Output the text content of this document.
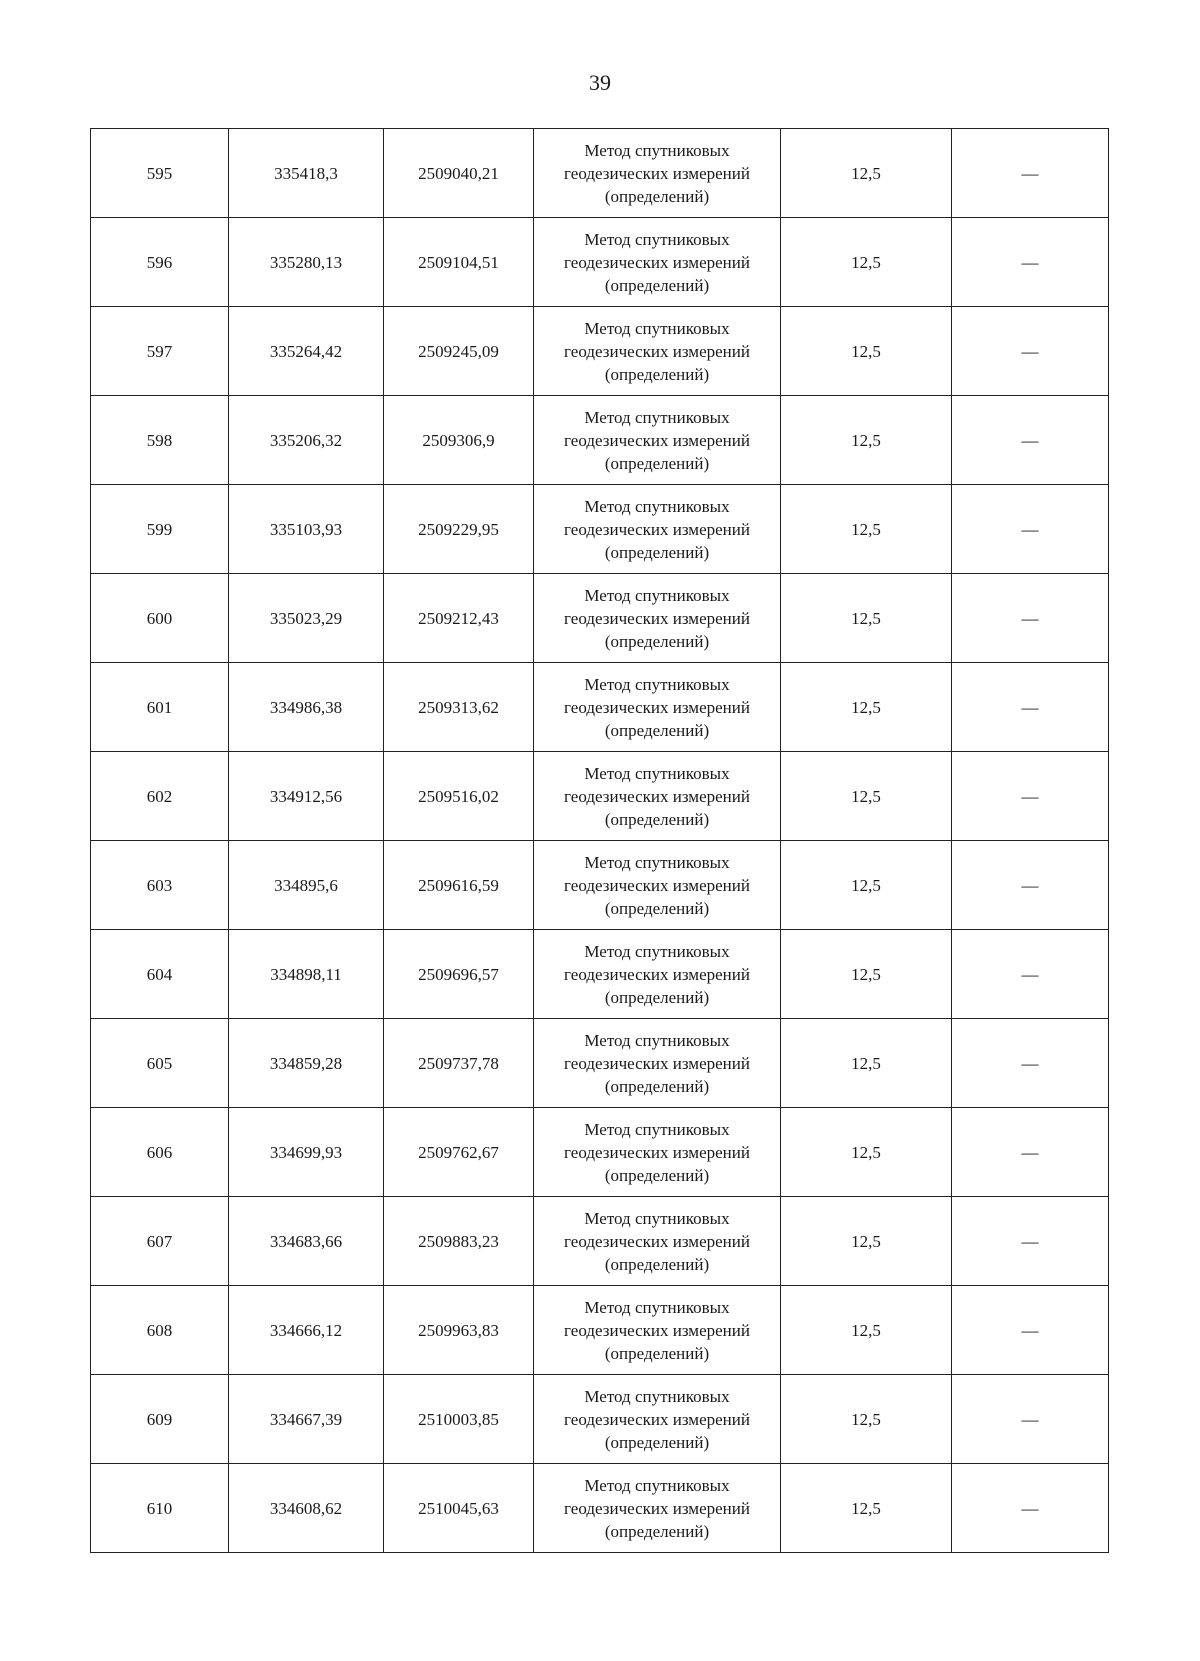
39
595	335418,3	2509040,21	Метод спутниковых
геодезических измерений
(определений)	12,5	—
596	335280,13	2509104,51	Метод спутниковых
геодезических измерений
(определений)	12,5	—
597	335264,42	2509245,09	Метод спутниковых
геодезических измерений
(определений)	12,5	—
598	335206,32	2509306,9	Метод спутниковых
геодезических измерений
(определений)	12,5	—
599	335103,93	2509229,95	Метод спутниковых
геодезических измерений
(определений)	12,5	—
600	335023,29	2509212,43	Метод спутниковых
геодезических измерений
(определений)	12,5	—
601	334986,38	2509313,62	Метод спутниковых
геодезических измерений
(определений)	12,5	—
602	334912,56	2509516,02	Метод спутниковых
геодезических измерений
(определений)	12,5	—
603	334895,6	2509616,59	Метод спутниковых
геодезических измерений
(определений)	12,5	—
604	334898,11	2509696,57	Метод спутниковых
геодезических измерений
(определений)	12,5	—
605	334859,28	2509737,78	Метод спутниковых
геодезических измерений
(определений)	12,5	—
606	334699,93	2509762,67	Метод спутниковых
геодезических измерений
(определений)	12,5	—
607	334683,66	2509883,23	Метод спутниковых
геодезических измерений
(определений)	12,5	—
608	334666,12	2509963,83	Метод спутниковых
геодезических измерений
(определений)	12,5	—
609	334667,39	2510003,85	Метод спутниковых
геодезических измерений
(определений)	12,5	—
610	334608,62	2510045,63	Метод спутниковых
геодезических измерений
(определений)	12,5	—
